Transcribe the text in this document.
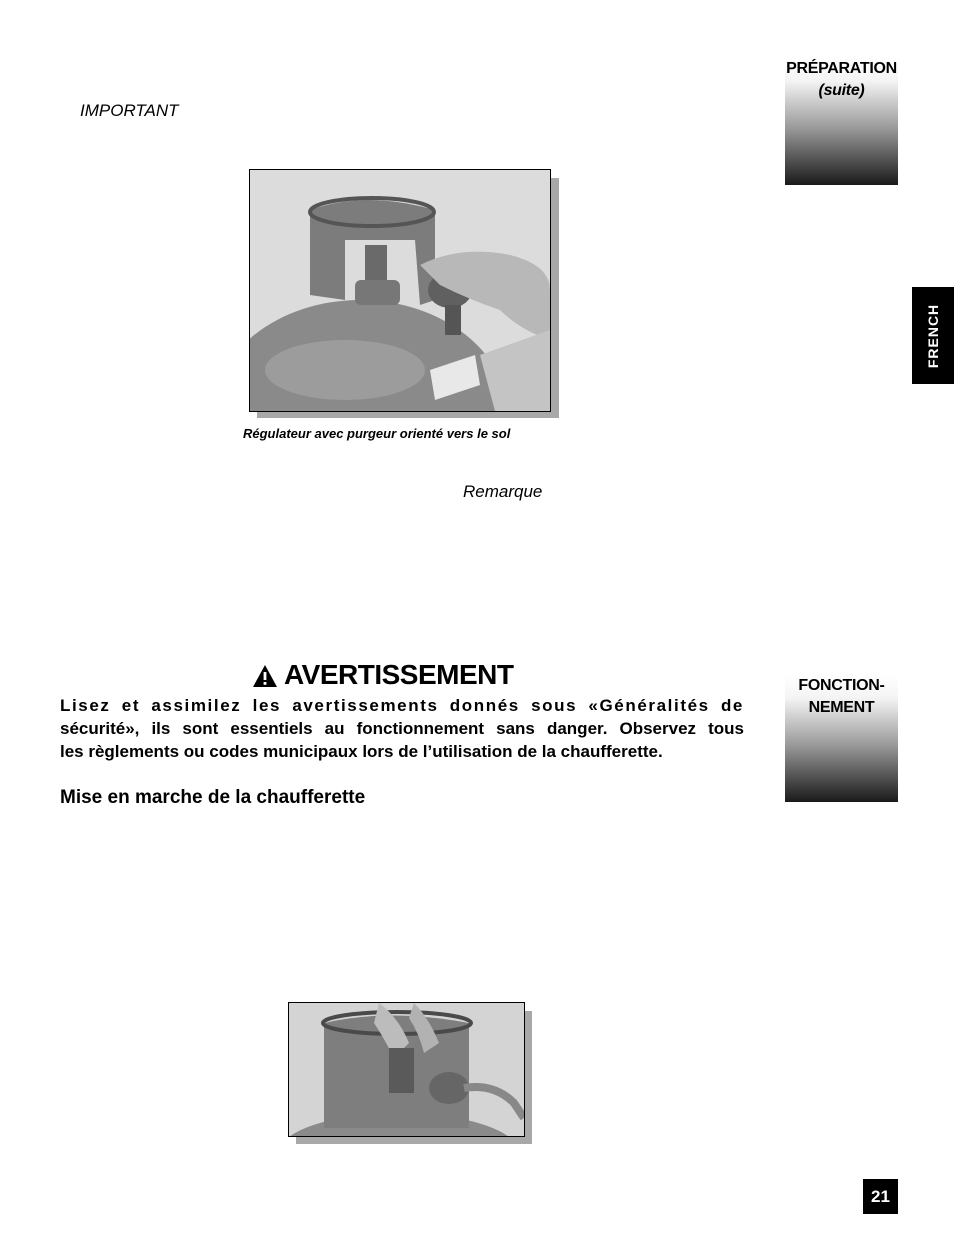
IMPORTANT
PRÉPARATION
(suite)
FRENCH
Régulateur avec purgeur orienté vers le sol
Remarque
AVERTISSEMENT
Lisez et assimilez les avertissements donnés sous «Généralités de
sécurité», ils sont essentiels au fonctionnement sans danger. Observez tous
les règlements ou codes municipaux lors de l’utilisation de la chaufferette.
FONCTION-
NEMENT
Mise en marche de la chaufferette
21
